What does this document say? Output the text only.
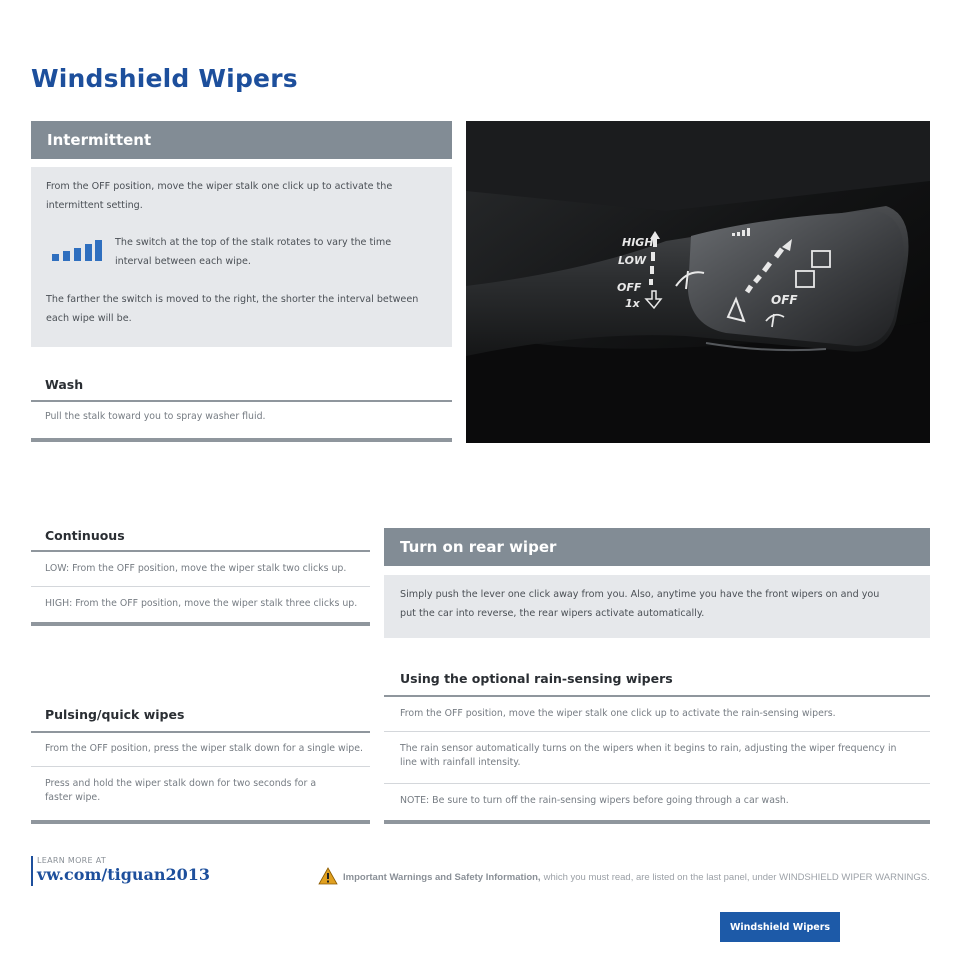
Windshield Wipers
Intermittent
From the OFF position, move the wiper stalk one click up to activate the intermittent setting.
The switch at the top of the stalk rotates to vary the time interval between each wipe.
The farther the switch is moved to the right, the shorter the interval between each wipe will be.
Wash
Pull the stalk toward you to spray washer fluid.
HIGH
LOW
OFF
1x	OFF
Continuous
LOW: From the OFF position, move the wiper stalk two clicks up.
HIGH: From the OFF position, move the wiper stalk three clicks up.
Pulsing/quick wipes
From the OFF position, press the wiper stalk down for a single wipe.
Press and hold the wiper stalk down for two seconds for a faster wipe.
Turn on rear wiper
Simply push the lever one click away from you. Also, anytime you have the front wipers on and you put the car into reverse, the rear wipers activate automatically.
Using the optional rain-sensing wipers
From the OFF position, move the wiper stalk one click up to activate the rain-sensing wipers.
The rain sensor automatically turns on the wipers when it begins to rain, adjusting the wiper frequency in line with rainfall intensity.
NOTE: Be sure to turn off the rain-sensing wipers before going through a car wash.
LEARN MORE AT
vw.com/tiguan2013	Important Warnings and Safety Information, which you must read, are listed on the last panel, under WINDSHIELD WIPER WARNINGS.
Windshield Wipers
